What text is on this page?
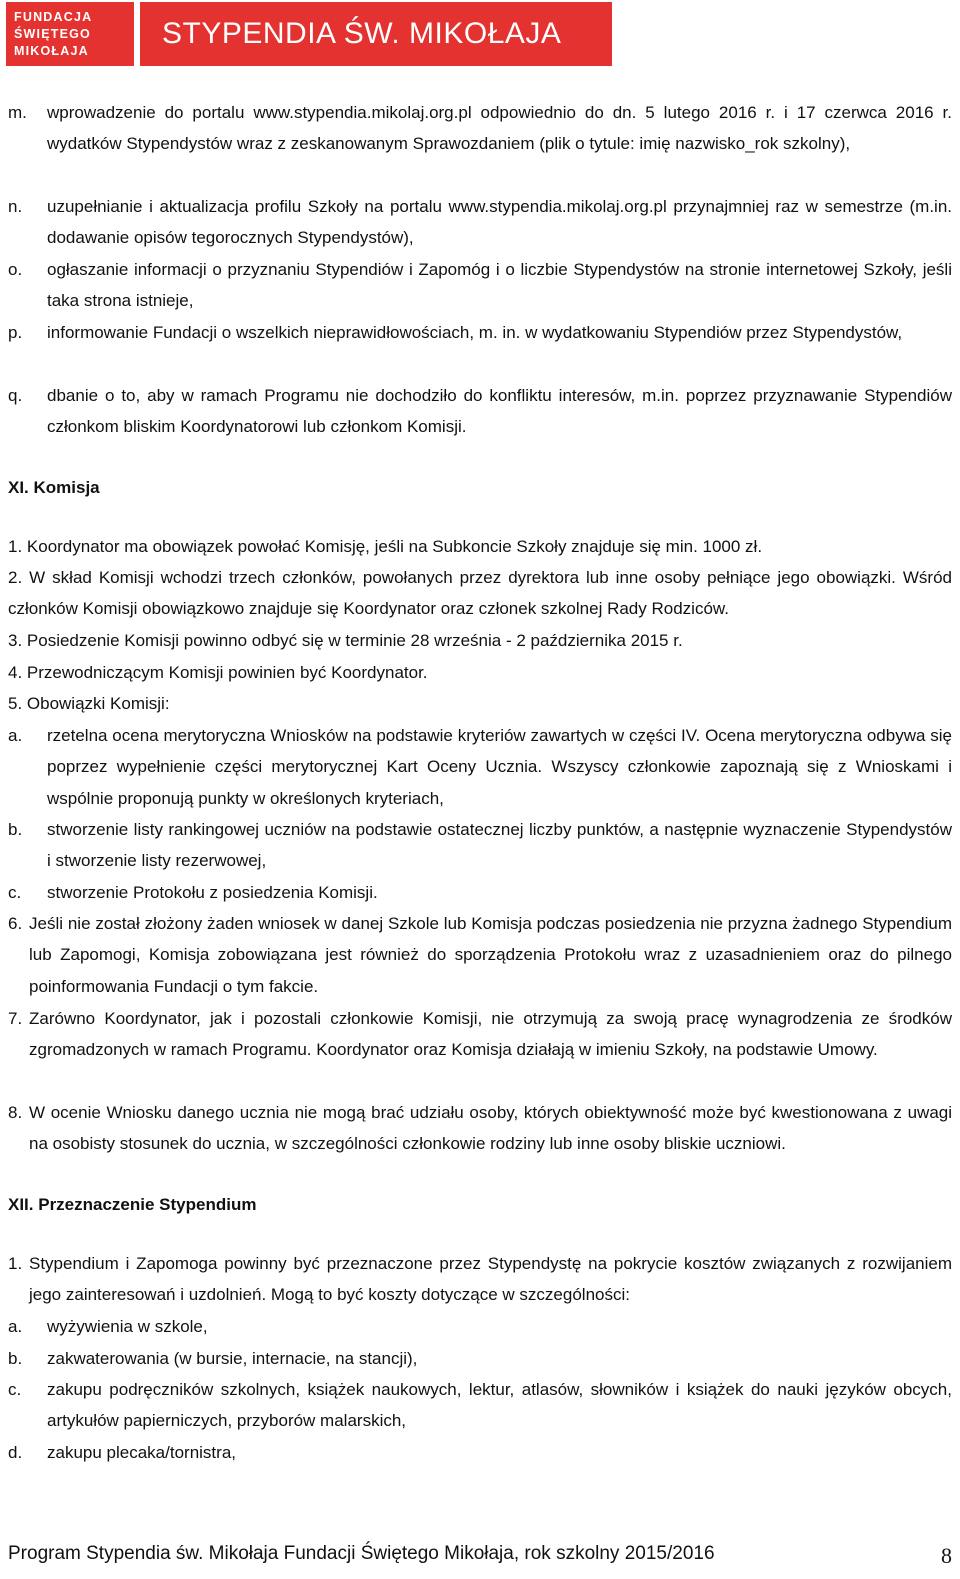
FUNDACJA
ŚWIĘTEGO
MIKOŁAJA
STYPENDIA ŚW. MIKOŁAJA
m. wprowadzenie do portalu www.stypendia.mikolaj.org.pl odpowiednio do dn. 5 lutego 2016 r. i 17 czerwca 2016 r. wydatków Stypendystów wraz z zeskanowanym Sprawozdaniem (plik o tytule: imię nazwisko_rok szkolny),
n. uzupełnianie i aktualizacja profilu Szkoły na portalu www.stypendia.mikolaj.org.pl przynajmniej raz w semestrze (m.in. dodawanie opisów tegorocznych Stypendystów),
o. ogłaszanie informacji o przyznaniu Stypendiów i Zapomóg i o liczbie Stypendystów na stronie internetowej Szkoły, jeśli taka strona istnieje,
p. informowanie Fundacji o wszelkich nieprawidłowościach, m. in. w wydatkowaniu Stypendiów przez Stypendystów,
q. dbanie o to, aby w ramach Programu nie dochodziło do konfliktu interesów, m.in. poprzez przyznawanie Stypendiów członkom bliskim Koordynatorowi lub członkom Komisji.
XI. Komisja
1. Koordynator ma obowiązek powołać Komisję, jeśli na Subkoncie Szkoły znajduje się min. 1000 zł.
2. W skład Komisji wchodzi trzech członków, powołanych przez dyrektora lub inne osoby pełniące jego obowiązki. Wśród członków Komisji obowiązkowo znajduje się Koordynator oraz członek szkolnej Rady Rodziców.
3. Posiedzenie Komisji powinno odbyć się w terminie 28 września - 2 października 2015 r.
4. Przewodniczącym Komisji powinien być Koordynator.
5. Obowiązki Komisji:
a. rzetelna ocena merytoryczna Wniosków na podstawie kryteriów zawartych w części IV. Ocena merytoryczna odbywa się poprzez wypełnienie części merytorycznej Kart Oceny Ucznia. Wszyscy członkowie zapoznają się z Wnioskami i wspólnie proponują punkty w określonych kryteriach,
b. stworzenie listy rankingowej uczniów na podstawie ostatecznej liczby punktów, a następnie wyznaczenie Stypendystów i stworzenie listy rezerwowej,
c. stworzenie Protokołu z posiedzenia Komisji.
6. Jeśli nie został złożony żaden wniosek w danej Szkole lub Komisja podczas posiedzenia nie przyzna żadnego Stypendium lub Zapomogi, Komisja zobowiązana jest również do sporządzenia Protokołu wraz z uzasadnieniem oraz do pilnego poinformowania Fundacji o tym fakcie.
7. Zarówno Koordynator, jak i pozostali członkowie Komisji, nie otrzymują za swoją pracę wynagrodzenia ze środków zgromadzonych w ramach Programu. Koordynator oraz Komisja działają w imieniu Szkoły, na podstawie Umowy.
8. W ocenie Wniosku danego ucznia nie mogą brać udziału osoby, których obiektywność może być kwestionowana z uwagi na osobisty stosunek do ucznia, w szczególności członkowie rodziny lub inne osoby bliskie uczniowi.
XII. Przeznaczenie Stypendium
1. Stypendium i Zapomoga powinny być przeznaczone przez Stypendystę na pokrycie kosztów związanych z rozwijaniem jego zainteresowań i uzdolnień. Mogą to być koszty dotyczące w szczególności:
a. wyżywienia w szkole,
b. zakwaterowania (w bursie, internacie, na stancji),
c. zakupu podręczników szkolnych, książek naukowych, lektur, atlasów, słowników i książek do nauki języków obcych, artykułów papierniczych, przyborów malarskich,
d. zakupu plecaka/tornistra,
Program Stypendia św. Mikołaja Fundacji Świętego Mikołaja, rok szkolny 2015/2016	8
